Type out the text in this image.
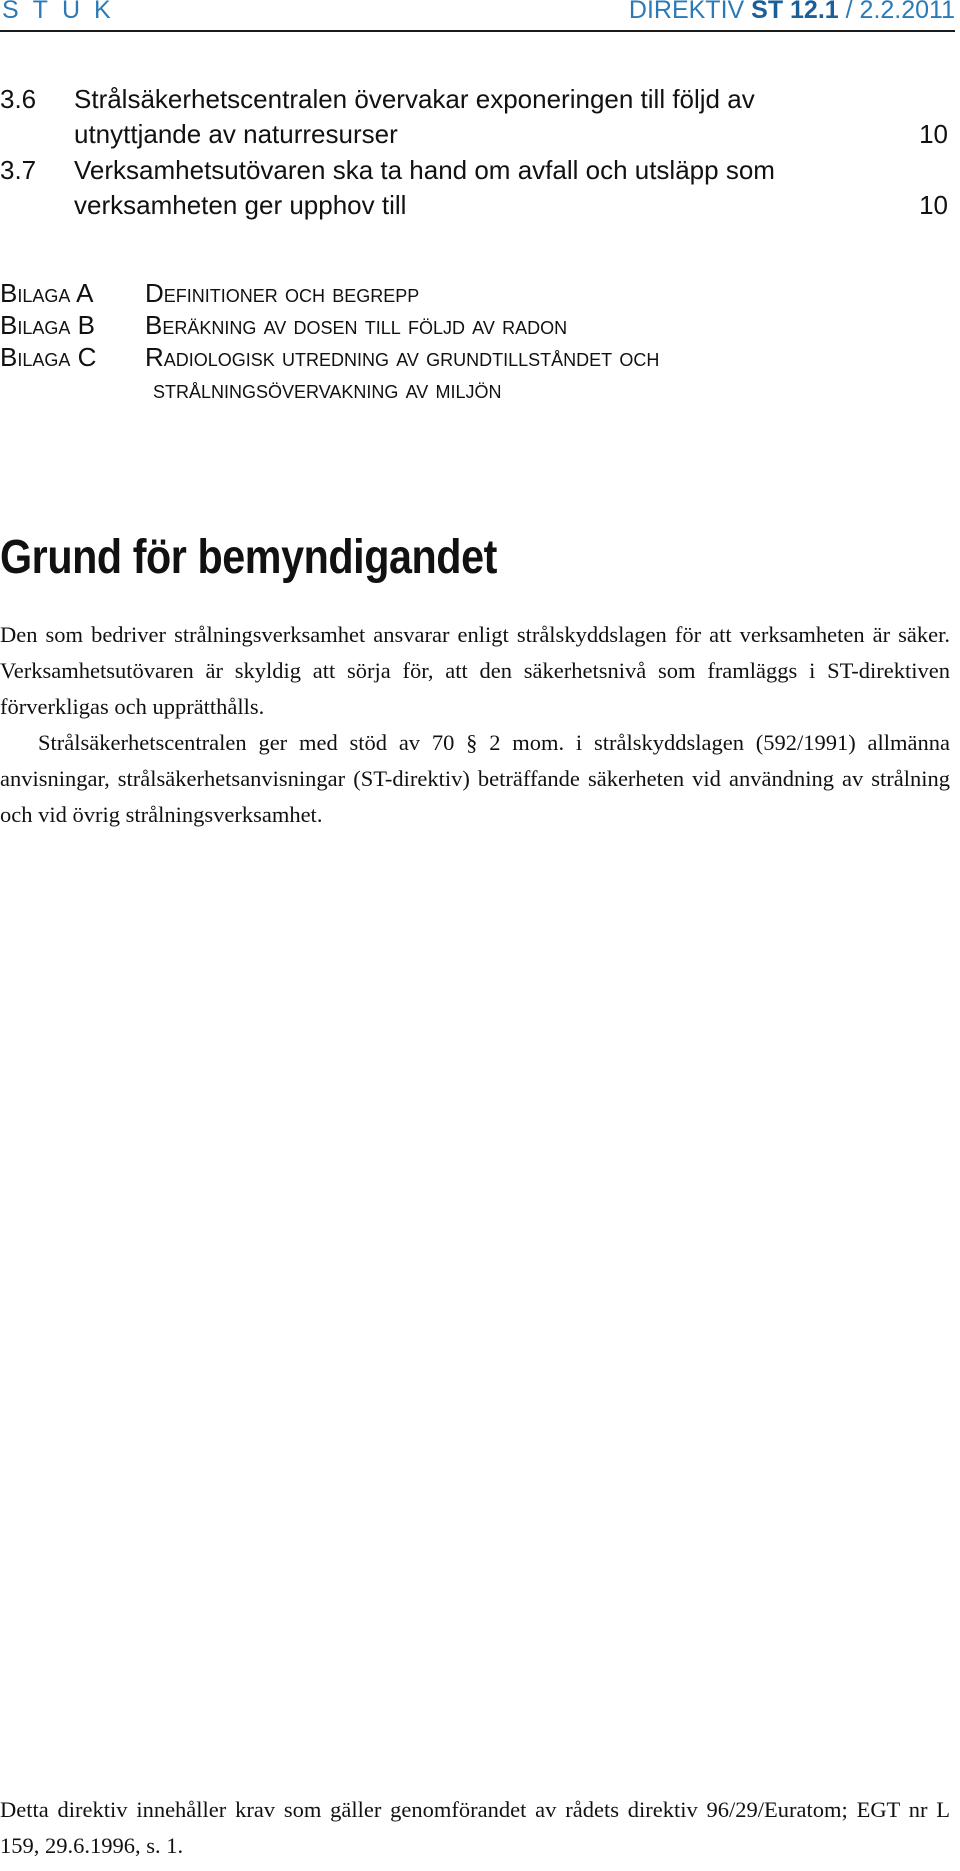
STUK	DIREKTIV ST 12.1 / 2.2.2011
3.6 Strålsäkerhetscentralen övervakar exponeringen till följd av
utnyttjande av naturresurser	10
3.7 Verksamhetsutövaren ska ta hand om avfall och utsläpp som
verksamheten ger upphov till	10
Bilaga A Definitioner och begrepp
Bilaga B Beräkning av dosen till följd av radon
Bilaga C Radiologisk utredning av grundtillståndet och
strålningsövervakning av miljön
Grund för bemyndigandet

Den som bedriver strålningsverksamhet ansvarar enligt strålskyddslagen för att verksamheten är säker. Verksamhetsutövaren är skyldig att sörja för, att den säkerhetsnivå som framläggs i ST-direktiven förverkligas och upprätthålls.

Strålsäkerhetscentralen ger med stöd av 70 § 2 mom. i strålskyddslagen (592/1991) allmänna anvisningar, strålsäkerhetsanvisningar (ST-direktiv) beträffande säkerheten vid användning av strålning och vid övrig strålningsverksamhet.

Detta direktiv innehåller krav som gäller genomförandet av rådets direktiv 96/29/Euratom; EGT nr L 159, 29.6.1996, s. 1.
